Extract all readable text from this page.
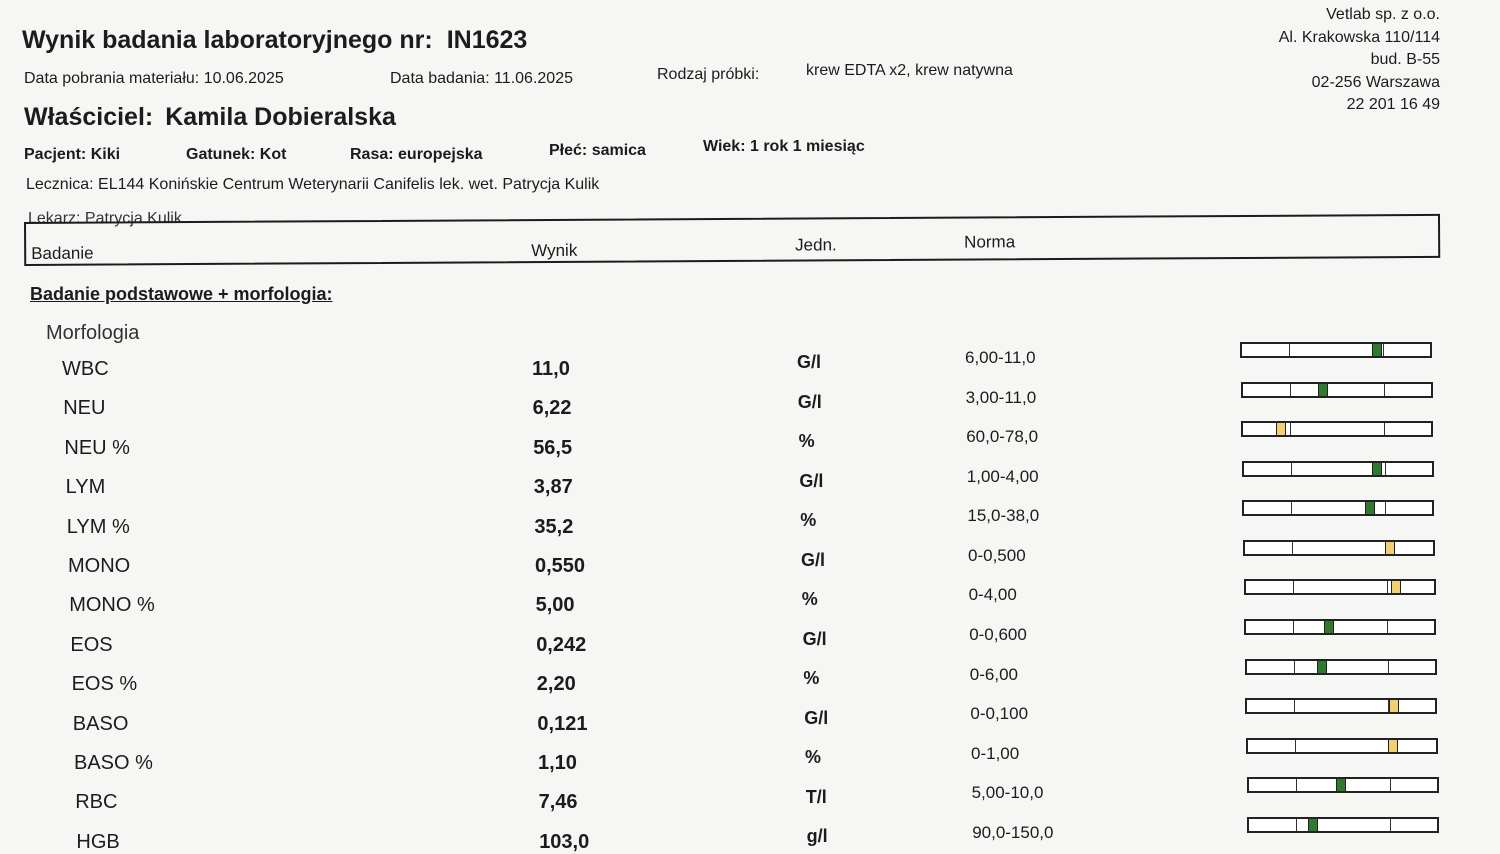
Wynik badania laboratoryjnego nr: IN1623
Data pobrania materiału: 10.06.2025	Data badania: 11.06.2025	Rodzaj próbki:	krew EDTA x2, krew natywna
Właściciel: Kamila Dobieralska
Pacjent: Kiki	Gatunek: Kot	Rasa: europejska	Płeć: samica	Wiek: 1 rok 1 miesiąc
Lecznica: EL144 Konińskie Centrum Weterynarii Canifelis lek. wet. Patrycja Kulik
Lekarz: Patrycja Kulik
Vetlab sp. z o.o.
Al. Krakowska 110/114
bud. B-55
02-256 Warszawa
22 201 16 49
Badanie	Wynik	Jedn.	Norma
Badanie podstawowe + morfologia:
Morfologia
WBC	11,0	G/l	6,00-11,0
NEU	6,22	G/l	3,00-11,0
NEU %	56,5	%	60,0-78,0
LYM	3,87	G/l	1,00-4,00
LYM %	35,2	%	15,0-38,0
MONO	0,550	G/l	0-0,500
MONO %	5,00	%	0-4,00
EOS	0,242	G/l	0-0,600
EOS %	2,20	%	0-6,00
BASO	0,121	G/l	0-0,100
BASO %	1,10	%	0-1,00
RBC	7,46	T/l	5,00-10,0
HGB	103,0	g/l	90,0-150,0
